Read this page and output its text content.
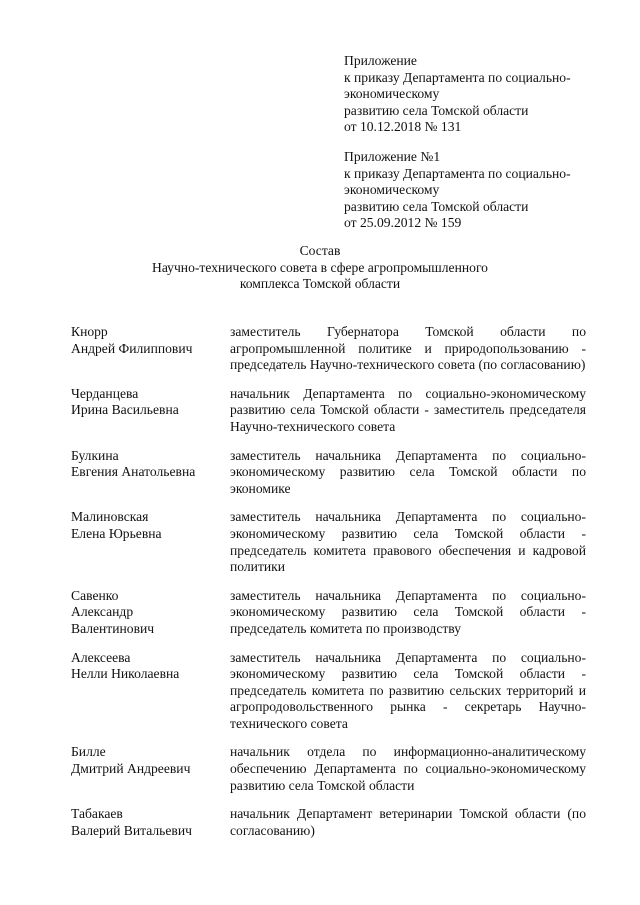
Приложение
к приказу Департамента по социально-
экономическому
развитию села Томской области
от 10.12.2018 № 131
Приложение №1
к приказу Департамента по социально-
экономическому
развитию села Томской области
от 25.09.2012 № 159
Состав
Научно-технического совета в сфере агропромышленного
комплекса Томской области
Кнорр
Андрей Филиппович
заместитель Губернатора Томской области по агропромышленной политике и природопользованию - председатель Научно-технического совета (по согласованию)
Черданцева
Ирина Васильевна
начальник Департамента по социально-экономическому развитию села Томской области - заместитель председателя Научно-технического совета
Булкина
Евгения Анатольевна
заместитель начальника Департамента по социально-экономическому развитию села Томской области по экономике
Малиновская
Елена Юрьевна
заместитель начальника Департамента по социально-экономическому развитию села Томской области - председатель комитета правового обеспечения и кадровой политики
Савенко
Александр
Валентинович
заместитель начальника Департамента по социально-экономическому развитию села Томской области - председатель комитета по производству
Алексеева
Нелли Николаевна
заместитель начальника Департамента по социально-экономическому развитию села Томской области - председатель комитета по развитию сельских территорий и агропродовольственного рынка - секретарь Научно-технического совета
Билле
Дмитрий Андреевич
начальник отдела по информационно-аналитическому обеспечению Департамента по социально-экономическому развитию села Томской области
Табакаев
Валерий Витальевич
начальник Департамент ветеринарии Томской области (по согласованию)
